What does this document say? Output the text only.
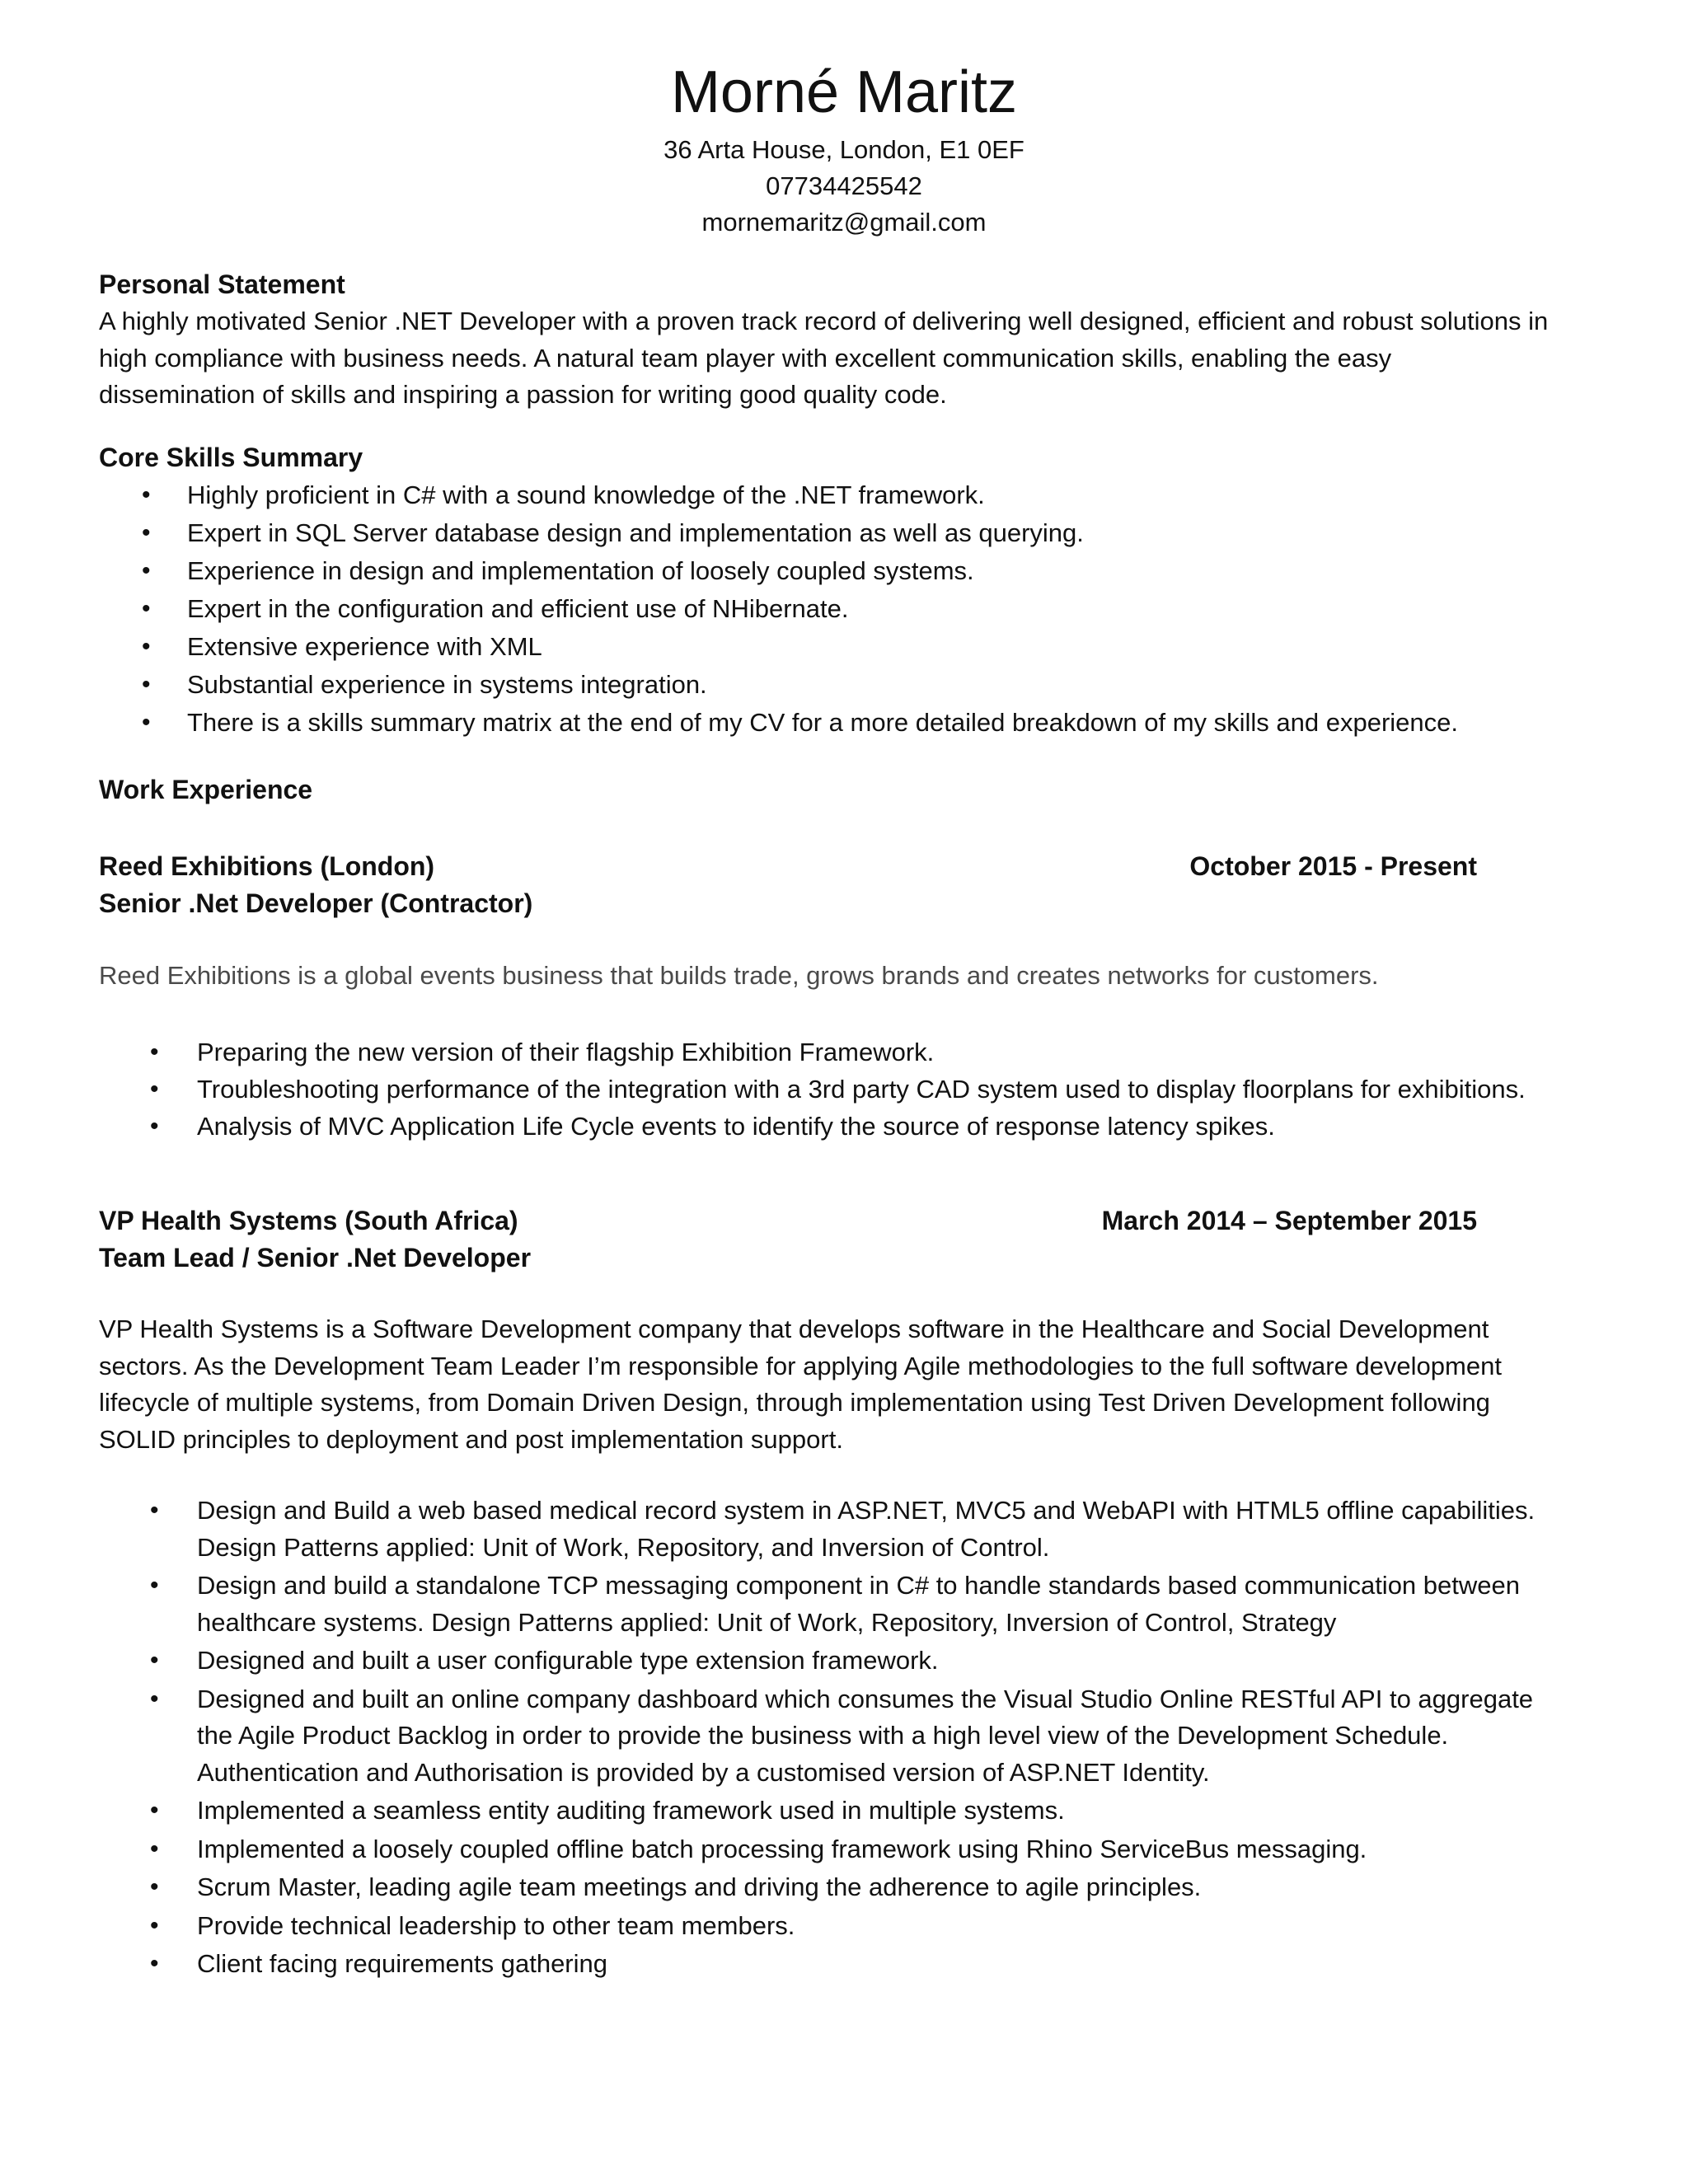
Morné Maritz
36 Arta House, London, E1 0EF
07734425542
mornemaritz@gmail.com
Personal Statement
A highly motivated Senior .NET Developer with a proven track record of delivering well designed, efficient and robust solutions in high compliance with business needs. A natural team player with excellent communication skills, enabling the easy dissemination of skills and inspiring a passion for writing good quality code.
Core Skills Summary
• Highly proficient in C# with a sound knowledge of the .NET framework.
• Expert in SQL Server database design and implementation as well as querying.
• Experience in design and implementation of loosely coupled systems.
• Expert in the configuration and efficient use of NHibernate.
• Extensive experience with XML
• Substantial experience in systems integration.
• There is a skills summary matrix at the end of my CV for a more detailed breakdown of my skills and experience.
Work Experience
Reed Exhibitions (London)	October 2015 - Present
Senior .Net Developer (Contractor)
Reed Exhibitions is a global events business that builds trade, grows brands and creates networks for customers.
• Preparing the new version of their flagship Exhibition Framework.
• Troubleshooting performance of the integration with a 3rd party CAD system used to display floorplans for exhibitions.
• Analysis of MVC Application Life Cycle events to identify the source of response latency spikes.
VP Health Systems (South Africa)	March 2014 – September 2015
Team Lead / Senior .Net Developer
VP Health Systems is a Software Development company that develops software in the Healthcare and Social Development sectors. As the Development Team Leader I’m responsible for applying Agile methodologies to the full software development lifecycle of multiple systems, from Domain Driven Design, through implementation using Test Driven Development following SOLID principles to deployment and post implementation support.
• Design and Build a web based medical record system in ASP.NET, MVC5 and WebAPI with HTML5 offline capabilities. Design Patterns applied: Unit of Work, Repository, and Inversion of Control.
• Design and build a standalone TCP messaging component in C# to handle standards based communication between healthcare systems. Design Patterns applied: Unit of Work, Repository, Inversion of Control, Strategy
• Designed and built a user configurable type extension framework.
• Designed and built an online company dashboard which consumes the Visual Studio Online RESTful API to aggregate the Agile Product Backlog in order to provide the business with a high level view of the Development Schedule. Authentication and Authorisation is provided by a customised version of ASP.NET Identity.
• Implemented a seamless entity auditing framework used in multiple systems.
• Implemented a loosely coupled offline batch processing framework using Rhino ServiceBus messaging.
• Scrum Master, leading agile team meetings and driving the adherence to agile principles.
• Provide technical leadership to other team members.
• Client facing requirements gathering
